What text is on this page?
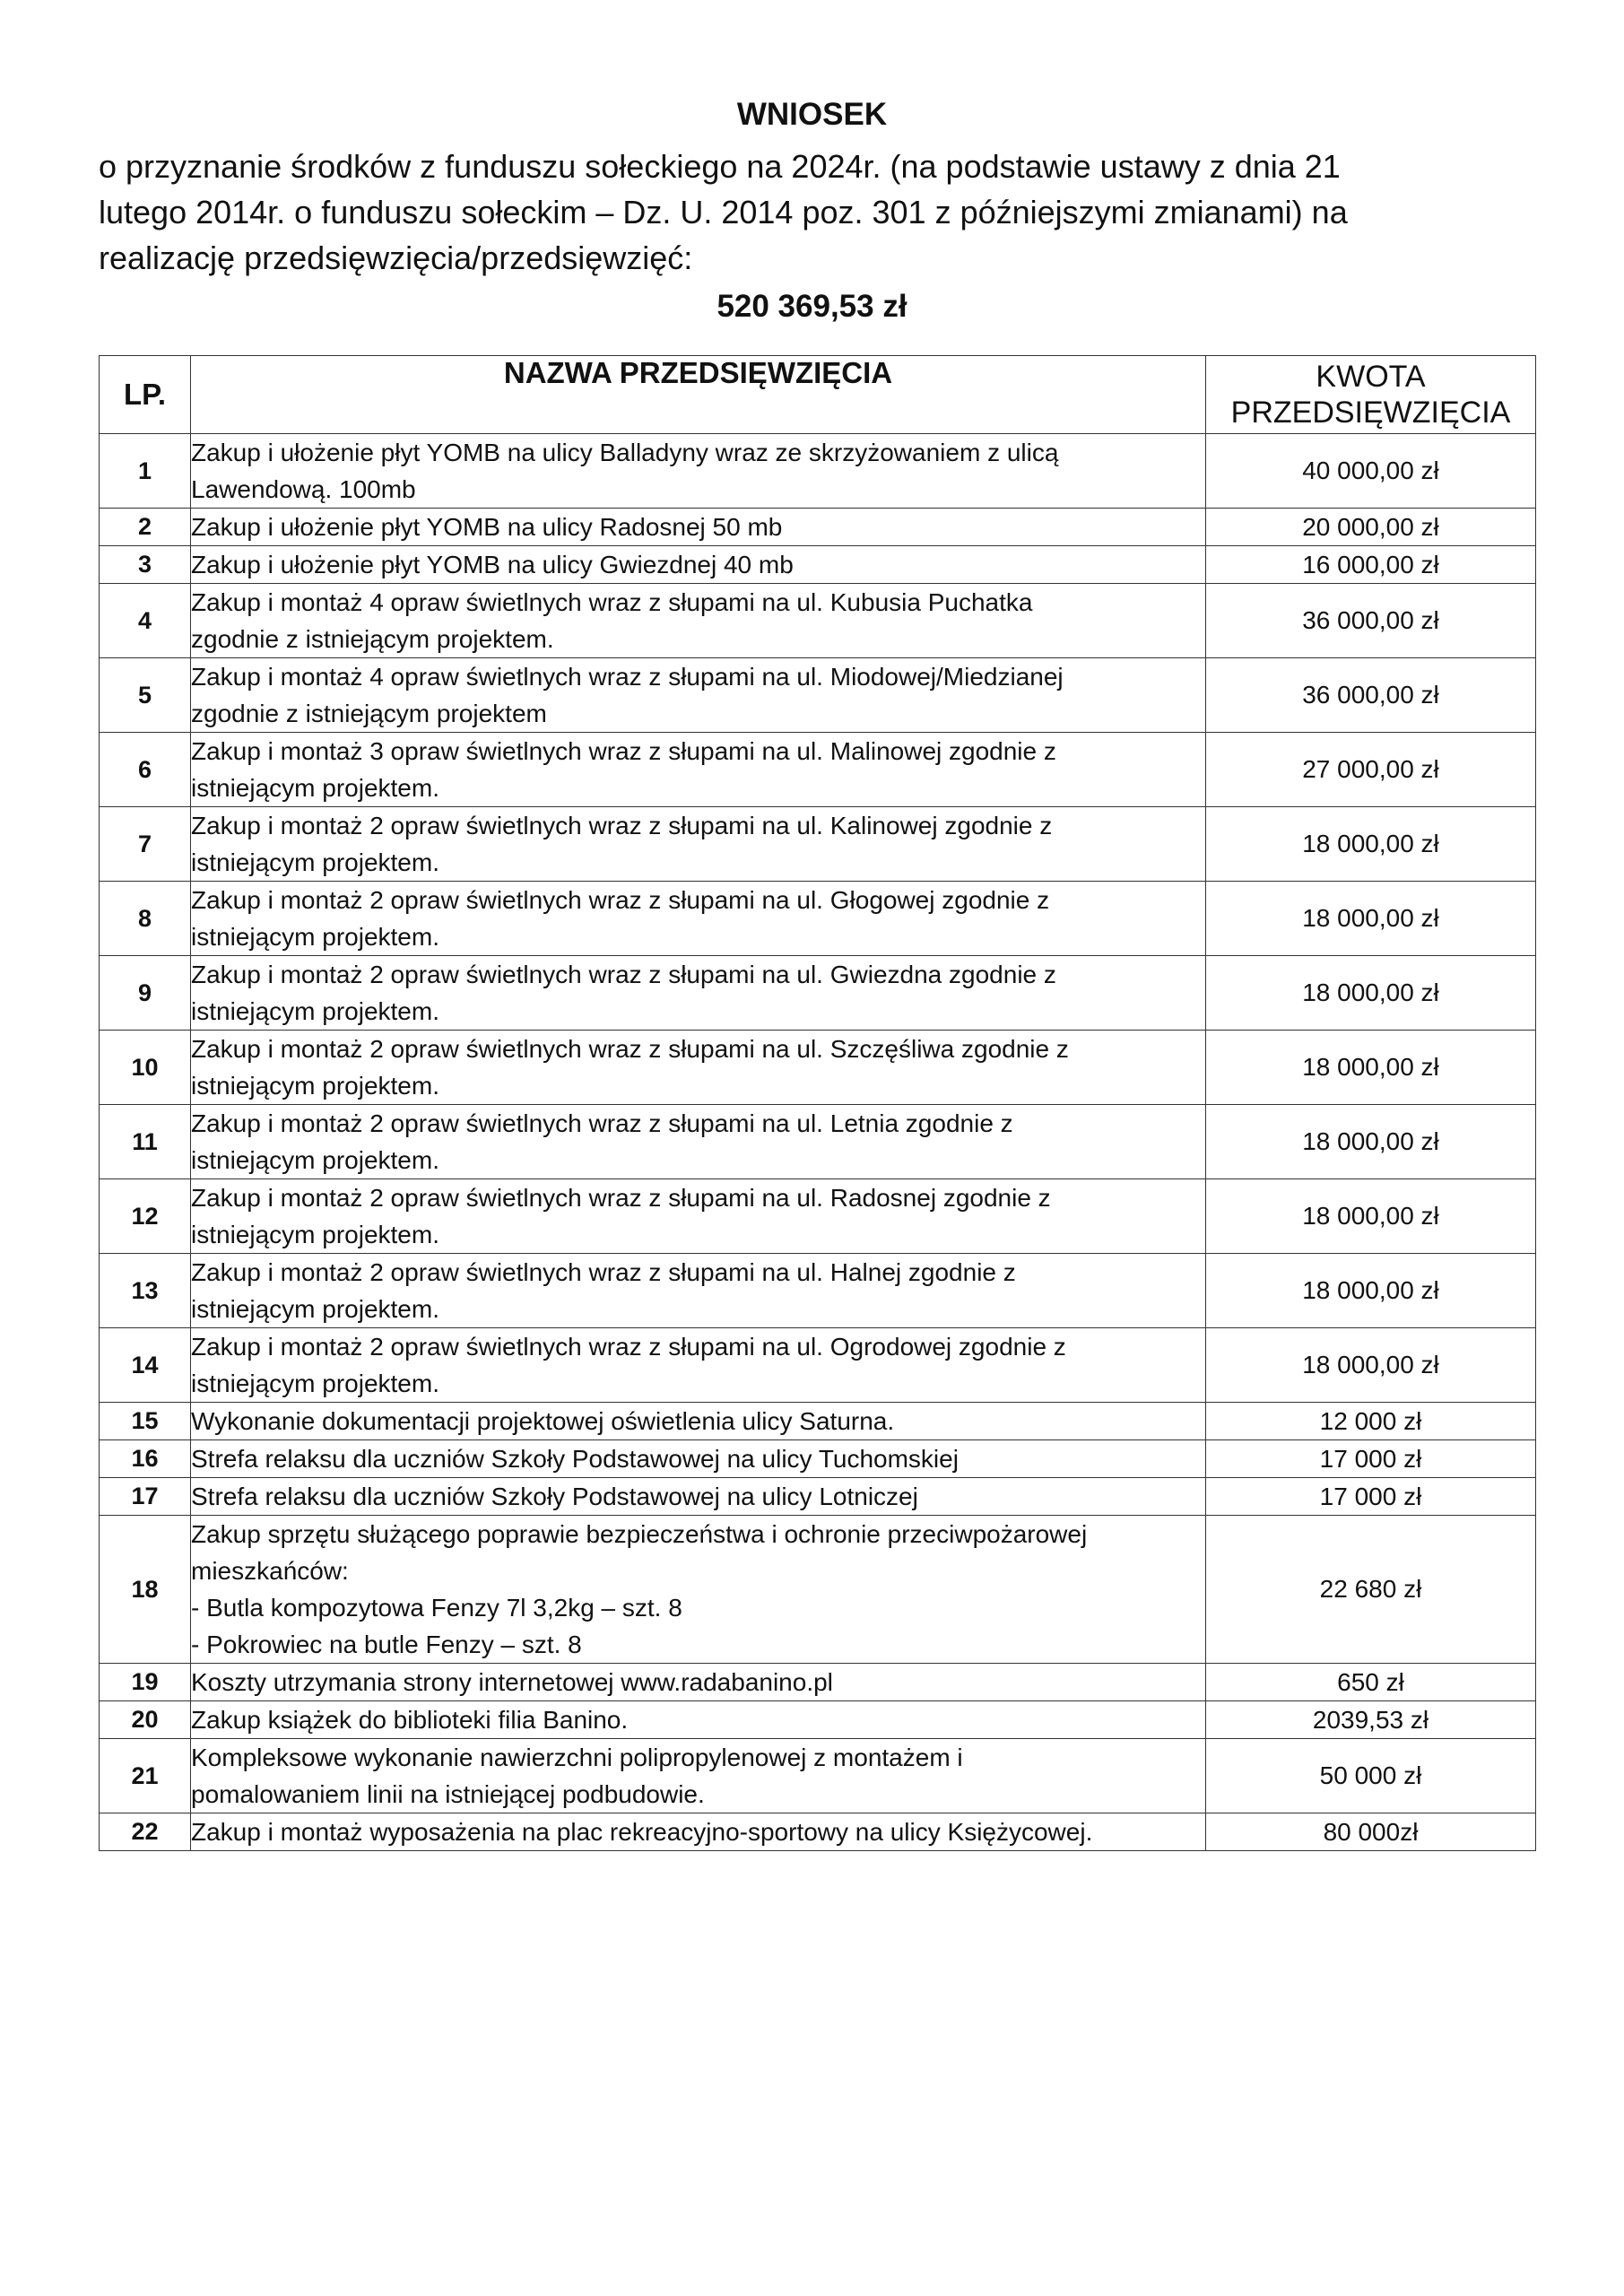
WNIOSEK
o przyznanie środków z funduszu sołeckiego na 2024r. (na podstawie ustawy z dnia 21
lutego 2014r. o funduszu sołeckim – Dz. U. 2014 poz. 301 z późniejszymi zmianami) na
realizację przedsięwzięcia/przedsięwzięć:
520 369,53 zł
LP.	NAZWA PRZEDSIĘWZIĘCIA	KWOTA
PRZEDSIĘWZIĘCIA

1	Zakup i ułożenie płyt YOMB na ulicy Balladyny wraz ze skrzyżowaniem z ulicą
Lawendową. 100mb	40 000,00 zł
2	Zakup i ułożenie płyt YOMB na ulicy Radosnej 50 mb	20 000,00 zł
3	Zakup i ułożenie płyt YOMB na ulicy Gwiezdnej 40 mb	16 000,00 zł
4	Zakup i montaż 4 opraw świetlnych wraz z słupami na ul. Kubusia Puchatka
zgodnie z istniejącym projektem.	36 000,00 zł
5	Zakup i montaż 4 opraw świetlnych wraz z słupami na ul. Miodowej/Miedzianej
zgodnie z istniejącym projektem	36 000,00 zł
6	Zakup i montaż 3 opraw świetlnych wraz z słupami na ul. Malinowej zgodnie z
istniejącym projektem.	27 000,00 zł
7	Zakup i montaż 2 opraw świetlnych wraz z słupami na ul. Kalinowej zgodnie z
istniejącym projektem.	18 000,00 zł
8	Zakup i montaż 2 opraw świetlnych wraz z słupami na ul. Głogowej zgodnie z
istniejącym projektem.	18 000,00 zł
9	Zakup i montaż 2 opraw świetlnych wraz z słupami na ul. Gwiezdna zgodnie z
istniejącym projektem.	18 000,00 zł
10	Zakup i montaż 2 opraw świetlnych wraz z słupami na ul. Szczęśliwa zgodnie z
istniejącym projektem.	18 000,00 zł
11	Zakup i montaż 2 opraw świetlnych wraz z słupami na ul. Letnia zgodnie z
istniejącym projektem.	18 000,00 zł
12	Zakup i montaż 2 opraw świetlnych wraz z słupami na ul. Radosnej zgodnie z
istniejącym projektem.	18 000,00 zł
13	Zakup i montaż 2 opraw świetlnych wraz z słupami na ul. Halnej zgodnie z
istniejącym projektem.	18 000,00 zł
14	Zakup i montaż 2 opraw świetlnych wraz z słupami na ul. Ogrodowej zgodnie z
istniejącym projektem.	18 000,00 zł
15	Wykonanie dokumentacji projektowej oświetlenia ulicy Saturna.	12 000 zł
16	Strefa relaksu dla uczniów Szkoły Podstawowej na ulicy Tuchomskiej	17 000 zł
17	Strefa relaksu dla uczniów Szkoły Podstawowej na ulicy Lotniczej	17 000 zł
18	Zakup sprzętu służącego poprawie bezpieczeństwa i ochronie przeciwpożarowej
mieszkańców:
- Butla kompozytowa Fenzy 7l 3,2kg – szt. 8
- Pokrowiec na butle Fenzy – szt. 8	22 680 zł
19	Koszty utrzymania strony internetowej www.radabanino.pl	650 zł
20	Zakup książek do biblioteki filia Banino.	2039,53 zł
21	Kompleksowe wykonanie nawierzchni polipropylenowej z montażem i
pomalowaniem linii na istniejącej podbudowie.	50 000 zł
22	Zakup i montaż wyposażenia na plac rekreacyjno-sportowy na ulicy Księżycowej.	80 000zł
